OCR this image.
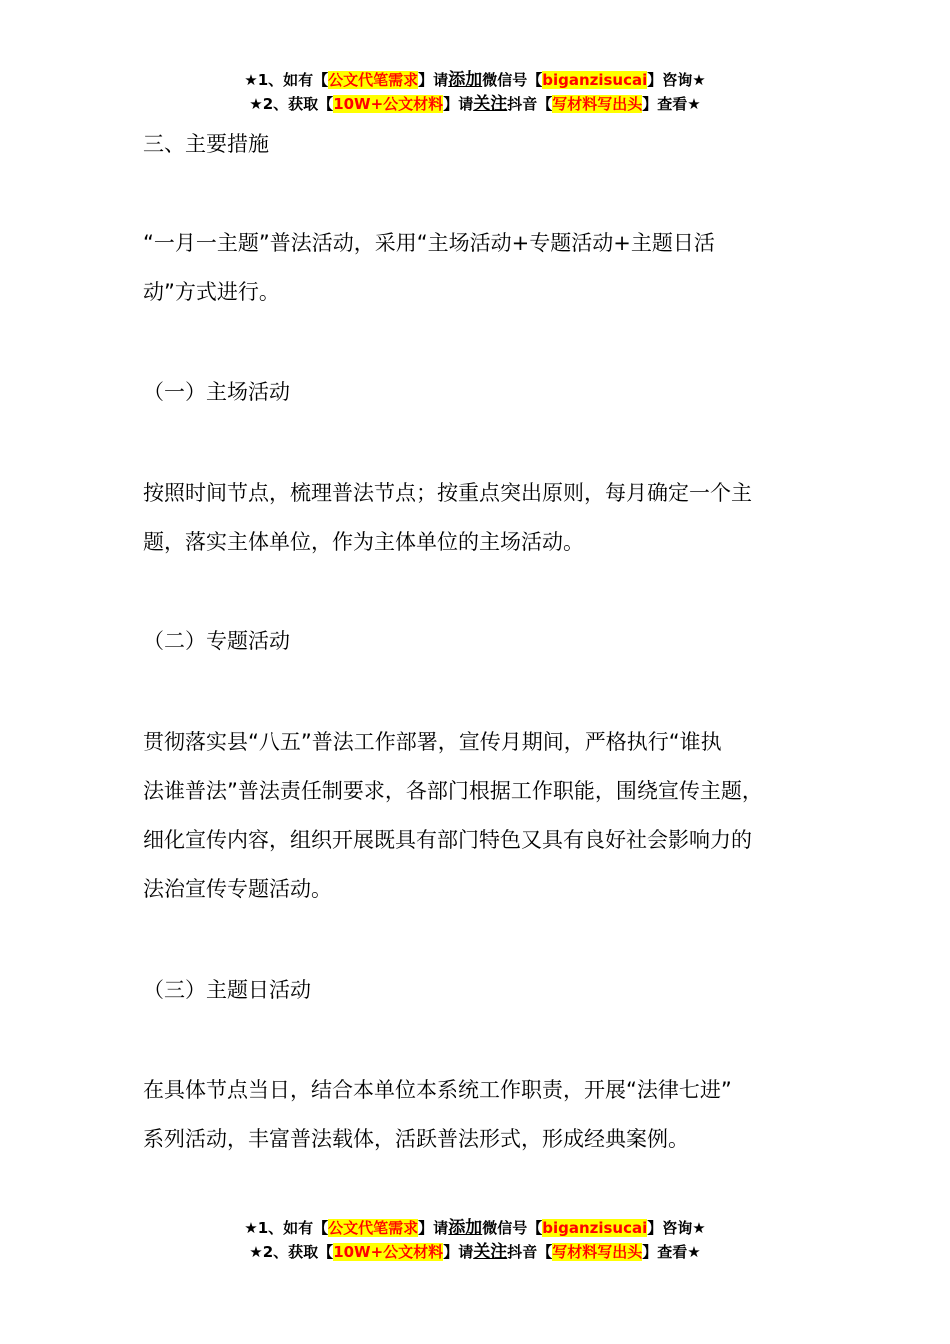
★1、如有【公文代笔需求】请添加微信号【biganzisucai】咨询★
★2、获取【10W+公文材料】请关注抖音【写材料写出头】查看★

三、主要措施

“一月一主题”普法活动，采用“主场活动+专题活动+主题日活
动”方式进行。

（一）主场活动

按照时间节点，梳理普法节点；按重点突出原则，每月确定一个主
题，落实主体单位，作为主体单位的主场活动。

（二）专题活动

贯彻落实县“八五”普法工作部署，宣传月期间，严格执行“谁执
法谁普法”普法责任制要求，各部门根据工作职能，围绕宣传主题，
细化宣传内容，组织开展既具有部门特色又具有良好社会影响力的
法治宣传专题活动。

（三）主题日活动

在具体节点当日，结合本单位本系统工作职责，开展“法律七进”
系列活动，丰富普法载体，活跃普法形式，形成经典案例。

★1、如有【公文代笔需求】请添加微信号【biganzisucai】咨询★
★2、获取【10W+公文材料】请关注抖音【写材料写出头】查看★
